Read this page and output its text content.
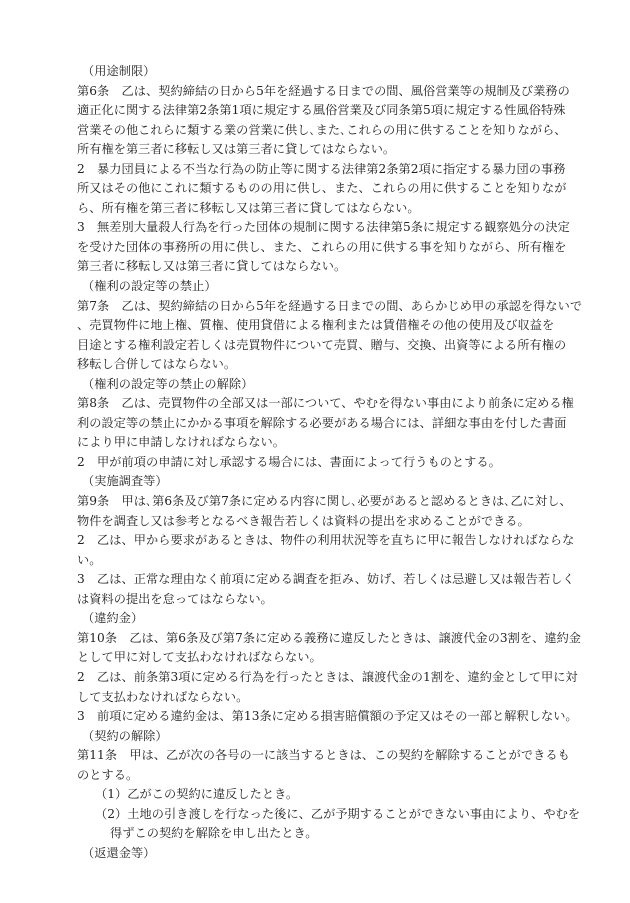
（用途制限）
第6条　乙は、契約締結の日から5年を経過する日までの間、風俗営業等の規制及び業務の
適正化に関する法律第2条第1項に規定する風俗営業及び同条第5項に規定する性風俗特殊
営業その他これらに類する業の営業に供し､また､これらの用に供することを知りながら、
所有権を第三者に移転し又は第三者に貸してはならない。
2　暴力団員による不当な行為の防止等に関する法律第2条第2項に指定する暴力団の事務
所又はその他にこれに類するものの用に供し、また、これらの用に供することを知りなが
ら、所有権を第三者に移転し又は第三者に貸してはならない。
3　無差別大量殺人行為を行った団体の規制に関する法律第5条に規定する観察処分の決定
を受けた団体の事務所の用に供し、また、これらの用に供する事を知りながら、所有権を
第三者に移転し又は第三者に貸してはならない。
（権利の設定等の禁止）
第7条　乙は、契約締結の日から5年を経過する日までの間、あらかじめ甲の承認を得ないで
、売買物件に地上権、質権、使用貸借による権利または賃借権その他の使用及び収益を
目途とする権利設定若しくは売買物件について売買、贈与、交換、出資等による所有権の
移転し合併してはならない。
（権利の設定等の禁止の解除）
第8条　乙は、売買物件の全部又は一部について、やむを得ない事由により前条に定める権
利の設定等の禁止にかかる事項を解除する必要がある場合には、詳細な事由を付した書面
により甲に申請しなければならない。
2　甲が前項の申請に対し承認する場合には、書面によって行うものとする。
（実施調査等）
第9条　甲は､第6条及び第7条に定める内容に関し､必要があると認めるときは､乙に対し、
物件を調査し又は参考となるべき報告若しくは資料の提出を求めることができる。
2　乙は、甲から要求があるときは、物件の利用状況等を直ちに甲に報告しなければならな
い。
3　乙は、正常な理由なく前項に定める調査を拒み、妨げ、若しくは忌避し又は報告若しく
は資料の提出を怠ってはならない。
（違約金）
第10条　乙は、第6条及び第7条に定める義務に違反したときは、譲渡代金の3割を、違約金
として甲に対して支払わなければならない。
2　乙は、前条第3項に定める行為を行ったときは、譲渡代金の1割を、違約金として甲に対
して支払わなければならない。
3　前項に定める違約金は、第13条に定める損害賠償額の予定又はその一部と解釈しない。
（契約の解除）
第11条　甲は、乙が次の各号の一に該当するときは、この契約を解除することができるも
のとする。
（1）乙がこの契約に違反したとき。
（2）土地の引き渡しを行なった後に、乙が予期することができない事由により、やむを
得ずこの契約を解除を申し出たとき。
（返還金等）
